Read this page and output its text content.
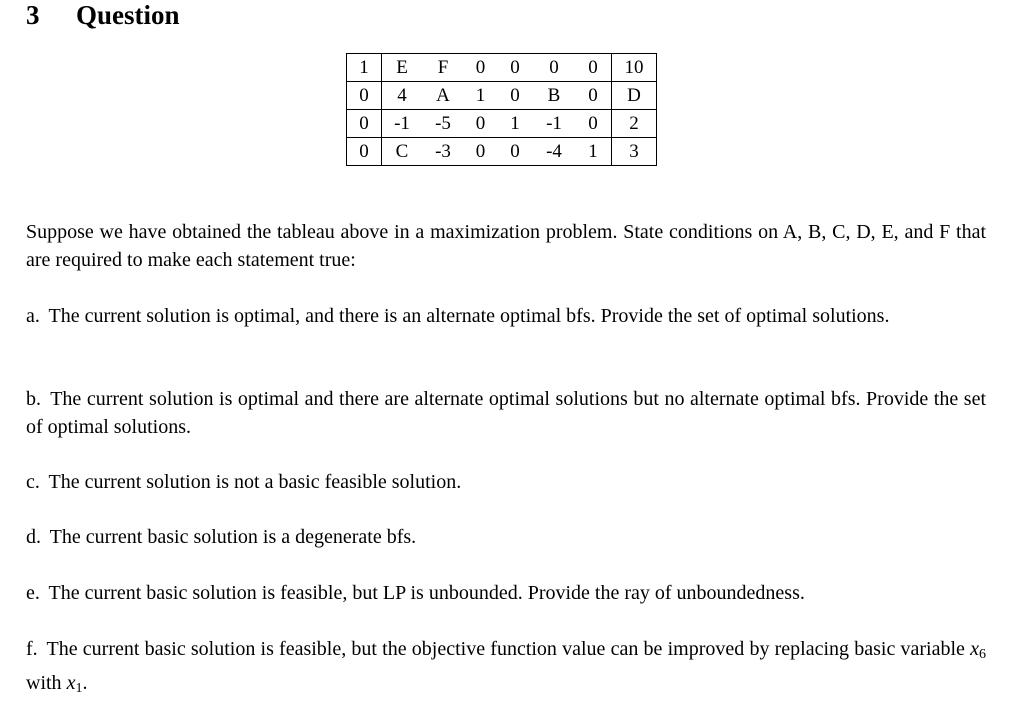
3 Question
1	E	F	0	0	0	0	10
0	4	A	1	0	B	0	D
0	-1	-5	0	1	-1	0	2
0	C	-3	0	0	-4	1	3

Suppose we have obtained the tableau above in a maximization problem. State conditions on A, B, C, D, E, and F that are required to make each statement true:

a. The current solution is optimal, and there is an alternate optimal bfs. Provide the set of optimal solutions.

b. The current solution is optimal and there are alternate optimal solutions but no alternate optimal bfs. Provide the set of optimal solutions.

c. The current solution is not a basic feasible solution.

d. The current basic solution is a degenerate bfs.

e. The current basic solution is feasible, but LP is unbounded. Provide the ray of unboundedness.

f. The current basic solution is feasible, but the objective function value can be improved by replacing basic variable $x_6$ with $x_1$.
